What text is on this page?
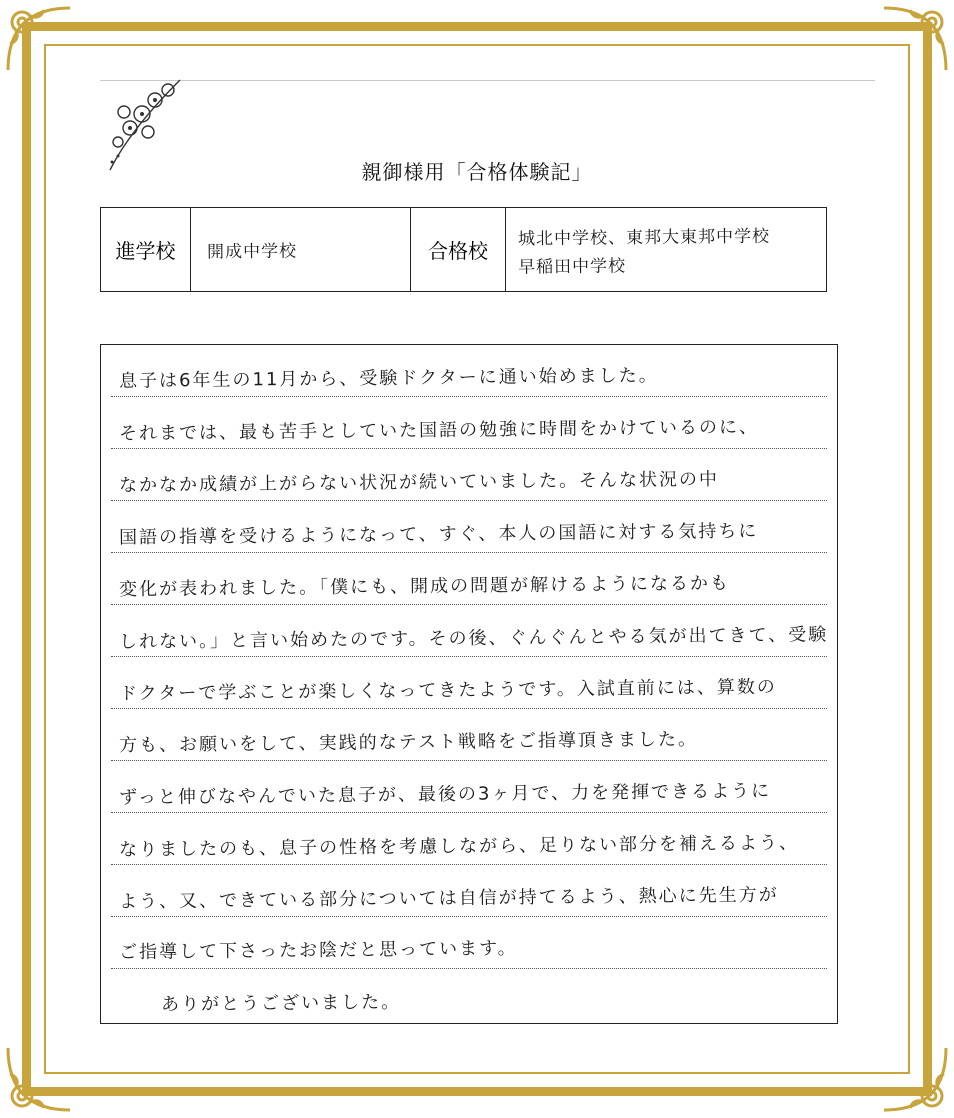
親御様用「合格体験記」
進学校	開成中学校	合格校
城北中学校、東邦大東邦中学校
早稲田中学校
息子は6年生の11月から、受験ドクターに通い始めました。
それまでは、最も苦手としていた国語の勉強に時間をかけているのに、
なかなか成績が上がらない状況が続いていました。そんな状況の中
国語の指導を受けるようになって、すぐ、本人の国語に対する気持ちに
変化が表われました。「僕にも、開成の問題が解けるようになるかも
しれない。」と言い始めたのです。その後、ぐんぐんとやる気が出てきて、受験
ドクターで学ぶことが楽しくなってきたようです。入試直前には、算数の
方も、お願いをして、実践的なテスト戦略をご指導頂きました。
ずっと伸びなやんでいた息子が、最後の3ヶ月で、力を発揮できるように
なりましたのも、息子の性格を考慮しながら、足りない部分を補えるよう、
よう、又、できている部分については自信が持てるよう、熱心に先生方が
ご指導して下さったお陰だと思っています。
ありがとうございました。
